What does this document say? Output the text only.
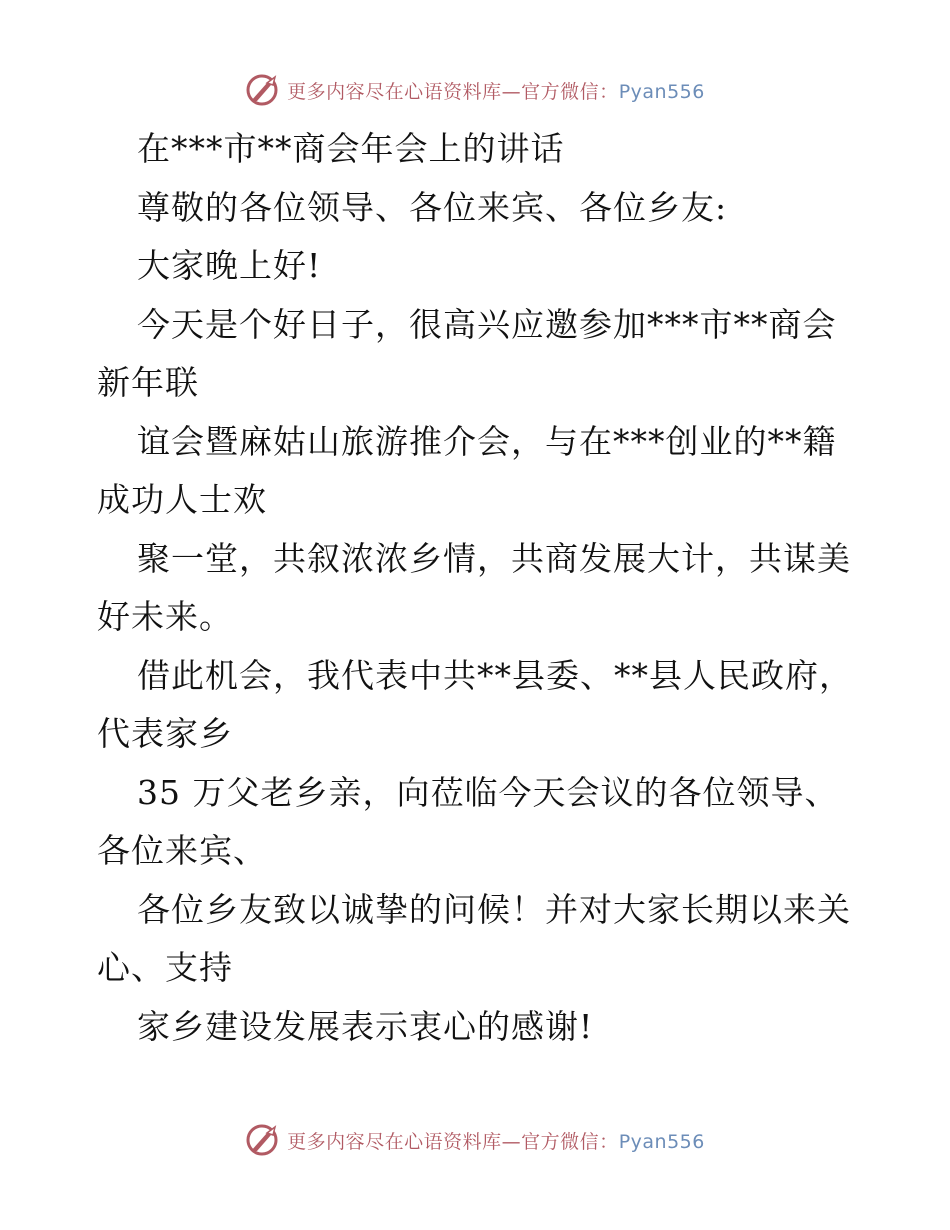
更多内容尽在心语资料库—官方微信：Pyan556
在***市**商会年会上的讲话
尊敬的各位领导、各位来宾、各位乡友:
大家晚上好!
今天是个好日子，很高兴应邀参加***市**商会
新年联
谊会暨麻姑山旅游推介会，与在***创业的**籍
成功人士欢
聚一堂，共叙浓浓乡情，共商发展大计，共谋美
好未来。
借此机会，我代表中共**县委、**县人民政府，
代表家乡
35 万父老乡亲，向莅临今天会议的各位领导、
各位来宾、
各位乡友致以诚挚的问候！并对大家长期以来关
心、支持
家乡建设发展表示衷心的感谢!
更多内容尽在心语资料库—官方微信：Pyan556
